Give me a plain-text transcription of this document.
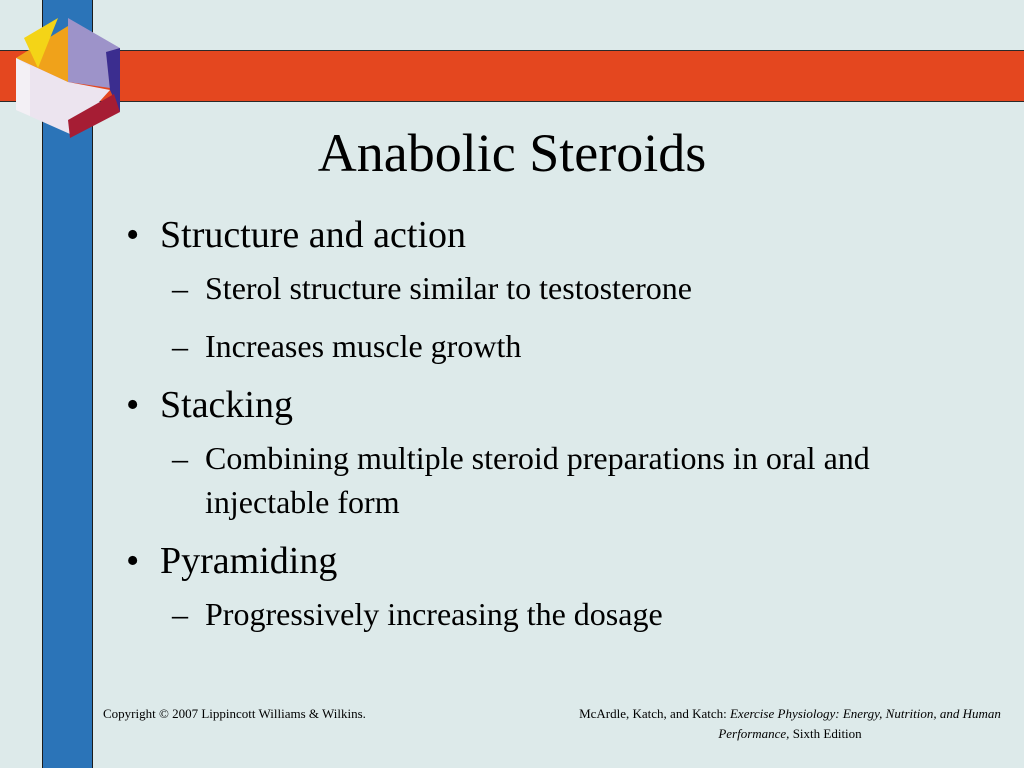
Anabolic Steroids
• Structure and action
– Sterol structure similar to testosterone
– Increases muscle growth
• Stacking
– Combining multiple steroid preparations in oral and injectable form
• Pyramiding
– Progressively increasing the dosage
Copyright © 2007 Lippincott Williams & Wilkins.	McArdle, Katch, and Katch: Exercise Physiology: Energy, Nutrition, and Human Performance, Sixth Edition
